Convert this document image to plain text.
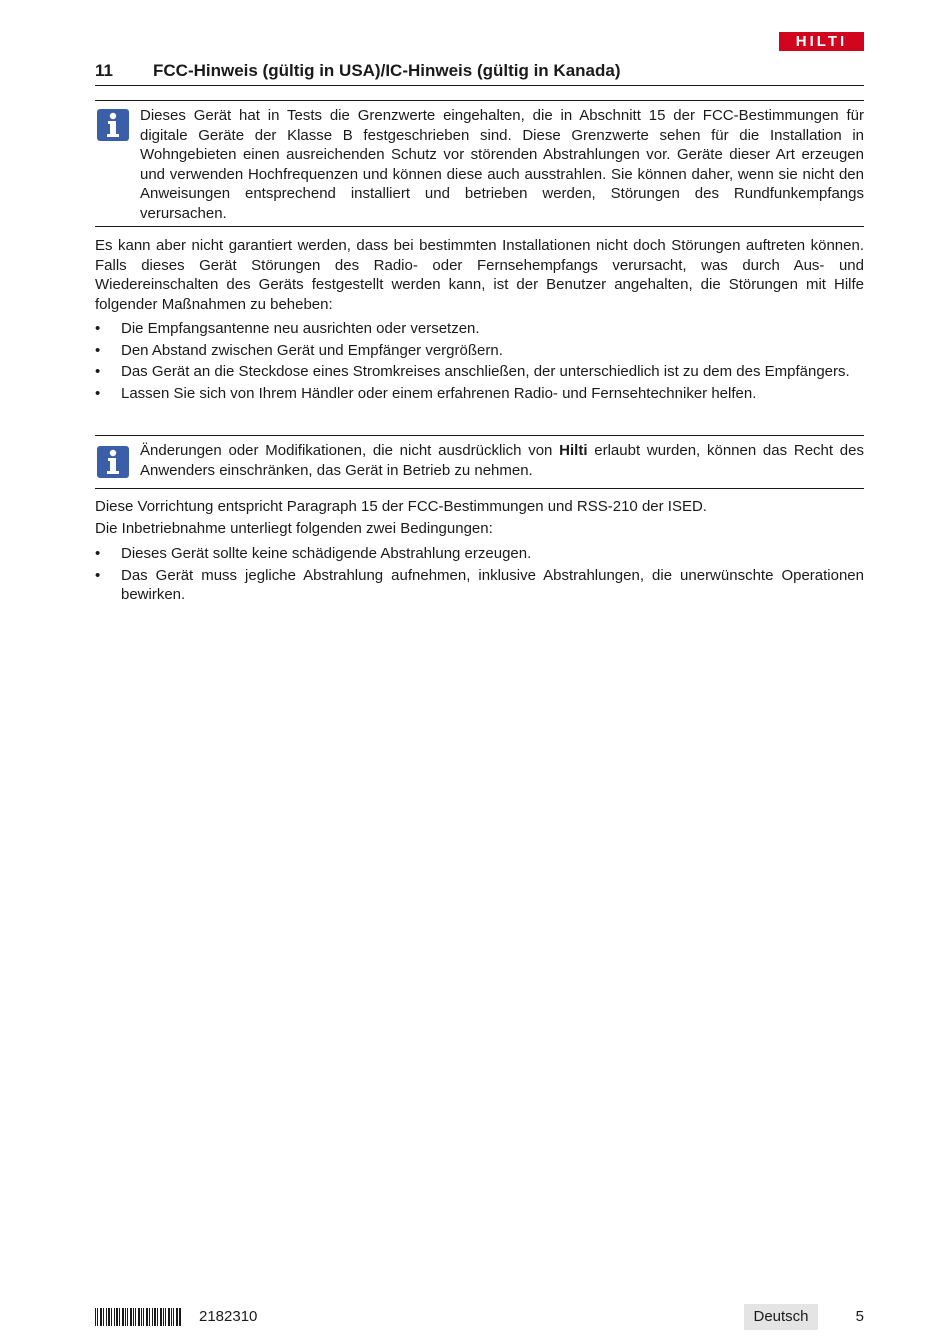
HILTI
11 FCC-Hinweis (gültig in USA)/IC-Hinweis (gültig in Kanada)
Dieses Gerät hat in Tests die Grenzwerte eingehalten, die in Abschnitt 15 der FCC-Bestimmungen für digitale Geräte der Klasse B festgeschrieben sind. Diese Grenzwerte sehen für die Installation in Wohngebieten einen ausreichenden Schutz vor störenden Abstrahlungen vor. Geräte dieser Art erzeugen und verwenden Hochfrequenzen und können diese auch ausstrahlen. Sie können daher, wenn sie nicht den Anweisungen entsprechend installiert und betrieben werden, Störungen des Rundfunkempfangs verursachen.
Es kann aber nicht garantiert werden, dass bei bestimmten Installationen nicht doch Störungen auftreten können. Falls dieses Gerät Störungen des Radio- oder Fernsehempfangs verursacht, was durch Aus- und Wiedereinschalten des Geräts festgestellt werden kann, ist der Benutzer angehalten, die Störungen mit Hilfe folgender Maßnahmen zu beheben:
• Die Empfangsantenne neu ausrichten oder versetzen.
• Den Abstand zwischen Gerät und Empfänger vergrößern.
• Das Gerät an die Steckdose eines Stromkreises anschließen, der unterschiedlich ist zu dem des Empfängers.
• Lassen Sie sich von Ihrem Händler oder einem erfahrenen Radio- und Fernsehtechniker helfen.
Änderungen oder Modifikationen, die nicht ausdrücklich von Hilti erlaubt wurden, können das Recht des Anwenders einschränken, das Gerät in Betrieb zu nehmen.
Diese Vorrichtung entspricht Paragraph 15 der FCC-Bestimmungen und RSS-210 der ISED.
Die Inbetriebnahme unterliegt folgenden zwei Bedingungen:
• Dieses Gerät sollte keine schädigende Abstrahlung erzeugen.
• Das Gerät muss jegliche Abstrahlung aufnehmen, inklusive Abstrahlungen, die unerwünschte Operationen bewirken.
2182310	Deutsch	5
